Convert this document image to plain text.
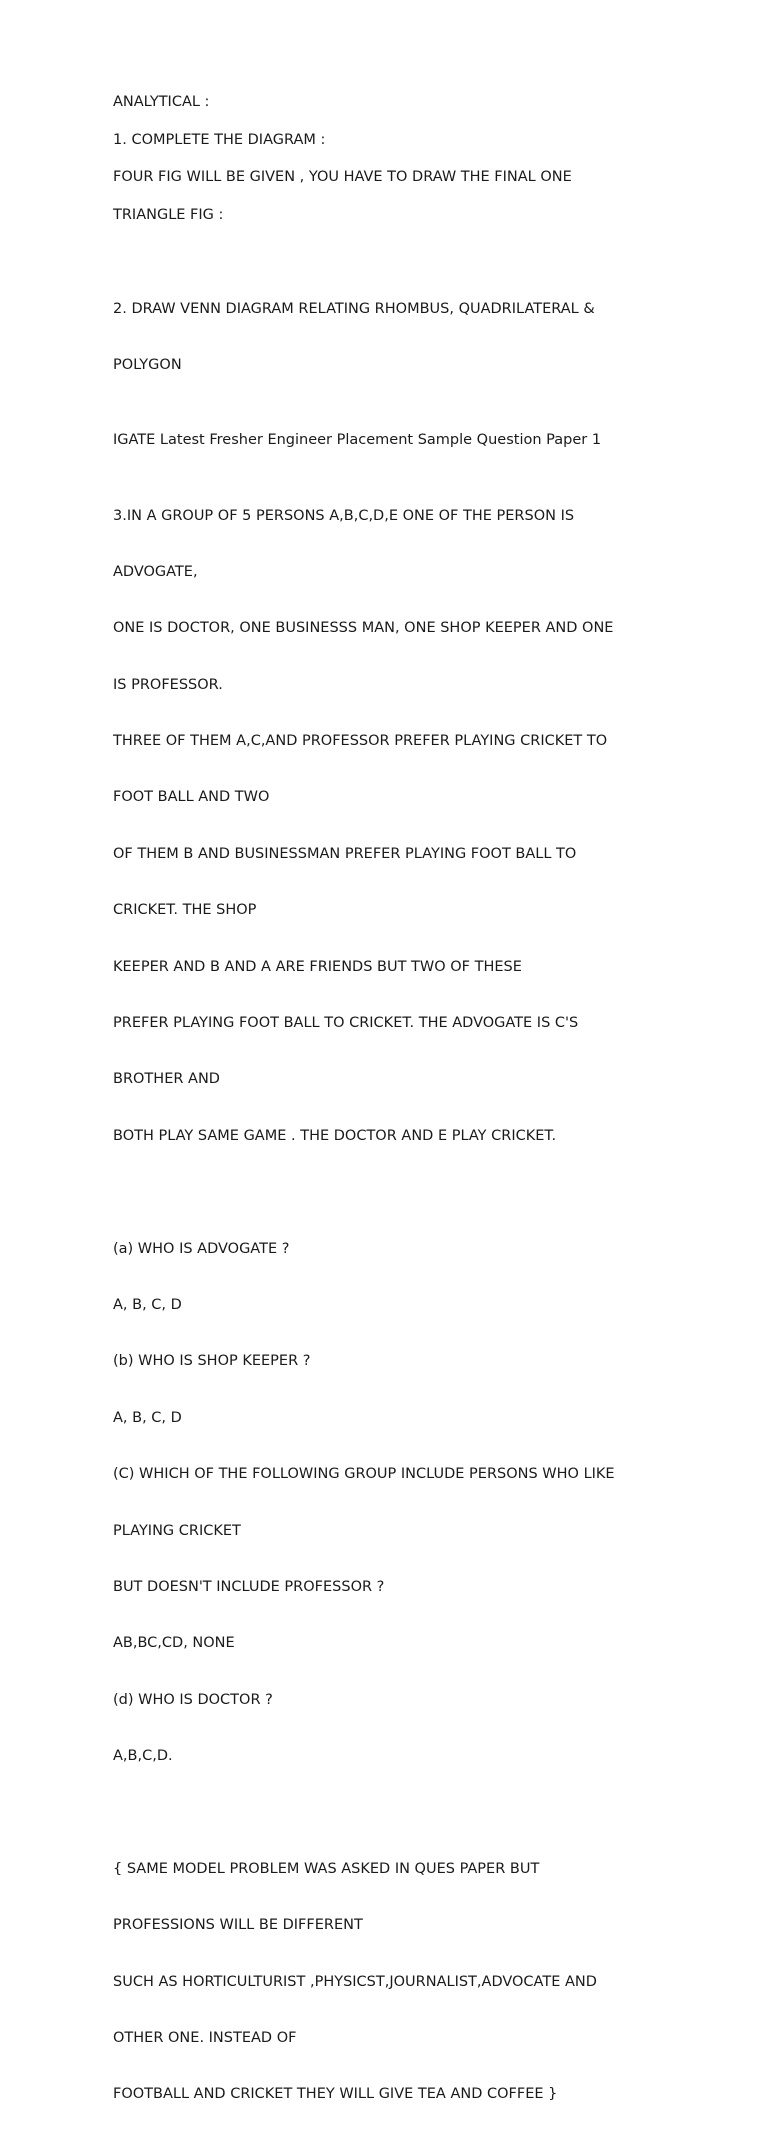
ANALYTICAL :

1. COMPLETE THE DIAGRAM :

FOUR FIG WILL BE GIVEN , YOU HAVE TO DRAW THE FINAL ONE

TRIANGLE FIG :

2. DRAW VENN DIAGRAM RELATING RHOMBUS, QUADRILATERAL &

POLYGON

IGATE Latest Fresher Engineer Placement Sample Question Paper 1

3.IN A GROUP OF 5 PERSONS A,B,C,D,E ONE OF THE PERSON IS

ADVOGATE,

ONE IS DOCTOR, ONE BUSINESSS MAN, ONE SHOP KEEPER AND ONE

IS PROFESSOR.

THREE OF THEM A,C,AND PROFESSOR PREFER PLAYING CRICKET TO

FOOT BALL AND TWO

OF THEM B AND BUSINESSMAN PREFER PLAYING FOOT BALL TO

CRICKET. THE SHOP

KEEPER AND B AND A ARE FRIENDS BUT TWO OF THESE

PREFER PLAYING FOOT BALL TO CRICKET. THE ADVOGATE IS C'S

BROTHER AND

BOTH PLAY SAME GAME . THE DOCTOR AND E PLAY CRICKET.

(a) WHO IS ADVOGATE ?

A, B, C, D

(b) WHO IS SHOP KEEPER ?

A, B, C, D

(C) WHICH OF THE FOLLOWING GROUP INCLUDE PERSONS WHO LIKE

PLAYING CRICKET

BUT DOESN'T INCLUDE PROFESSOR ?

AB,BC,CD, NONE

(d) WHO IS DOCTOR ?

A,B,C,D.

{ SAME MODEL PROBLEM WAS ASKED IN QUES PAPER BUT

PROFESSIONS WILL BE DIFFERENT

SUCH AS HORTICULTURIST ,PHYSICST,JOURNALIST,ADVOCATE AND

OTHER ONE. INSTEAD OF

FOOTBALL AND CRICKET THEY WILL GIVE TEA AND COFFEE }
